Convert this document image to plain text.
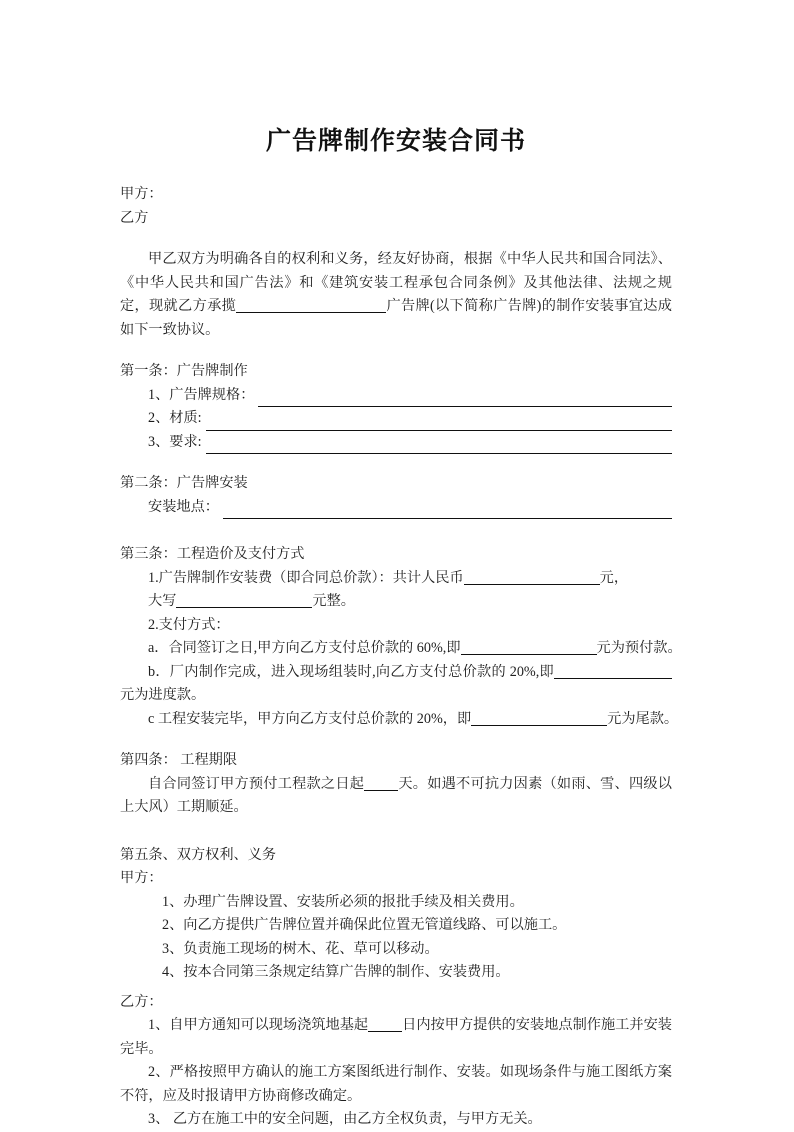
广告牌制作安装合同书

甲方：

乙方

甲乙双方为明确各自的权利和义务，经友好协商，根据《中华人民共和国合同法》、《中华人民共和国广告法》和《建筑安装工程承包合同条例》及其他法律、法规之规定，现就乙方承揽	广告牌(以下简称广告牌)的制作安装事宜达成如下一致协议。

第一条：广告牌制作

1、广告牌规格：
2、材质:
3、要求:

第二条：广告牌安装

安装地点：

第三条：工程造价及支付方式

1.广告牌制作安装费（即合同总价款）：共计人民币	元，

大写	元整。

2.支付方式：

a．合同签订之日,甲方向乙方支付总价款的 60%,即	元为预付款。

b．厂内制作完成，进入现场组装时,向乙方支付总价款的 20%,即元为进度款。

c 工程安装完毕，甲方向乙方支付总价款的 20%，即	元为尾款。

第四条： 工程期限

自合同签订甲方预付工程款之日起 天。如遇不可抗力因素（如雨、雪、四级以上大风）工期顺延。

第五条、双方权利、义务

甲方：

1、办理广告牌设置、安装所必须的报批手续及相关费用。

2、向乙方提供广告牌位置并确保此位置无管道线路、可以施工。

3、负责施工现场的树木、花、草可以移动。

4、按本合同第三条规定结算广告牌的制作、安装费用。

乙方：

1、自甲方通知可以现场浇筑地基起 日内按甲方提供的安装地点制作施工并安装完毕。

2、严格按照甲方确认的施工方案图纸进行制作、安装。如现场条件与施工图纸方案不符，应及时报请甲方协商修改确定。

3、 乙方在施工中的安全问题，由乙方全权负责，与甲方无关。
